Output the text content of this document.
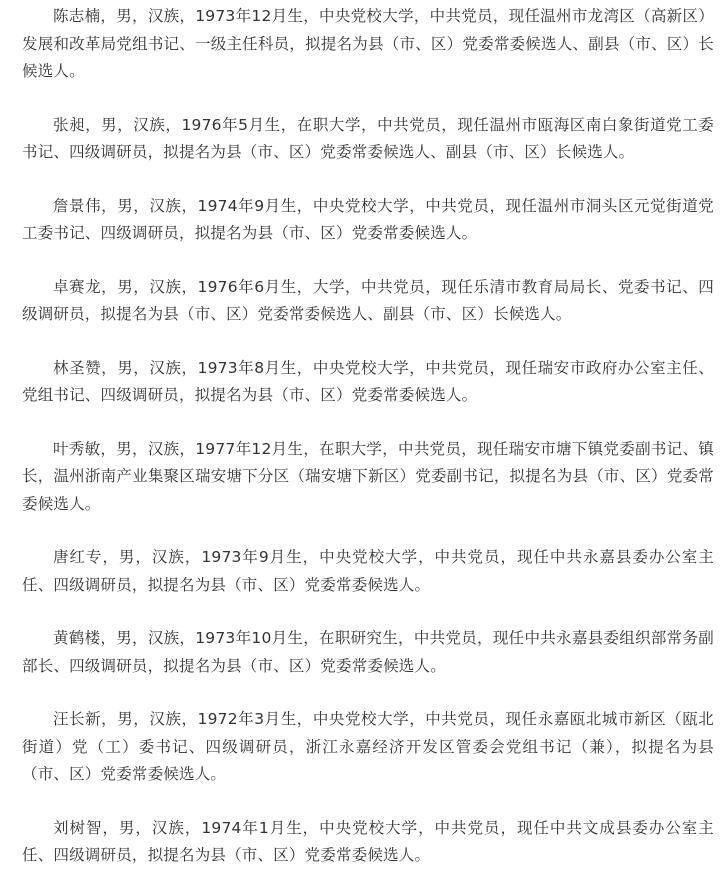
陈志楠，男，汉族，1973年12月生，中央党校大学，中共党员，现任温州市龙湾区（高新区）发展和改革局党组书记、一级主任科员，拟提名为县（市、区）党委常委候选人、副县（市、区）长候选人。

张昶，男，汉族，1976年5月生，在职大学，中共党员，现任温州市瓯海区南白象街道党工委书记、四级调研员，拟提名为县（市、区）党委常委候选人、副县（市、区）长候选人。

詹景伟，男，汉族，1974年9月生，中央党校大学，中共党员，现任温州市洞头区元觉街道党工委书记、四级调研员，拟提名为县（市、区）党委常委候选人。

卓赛龙，男，汉族，1976年6月生，大学，中共党员，现任乐清市教育局局长、党委书记、四级调研员，拟提名为县（市、区）党委常委候选人、副县（市、区）长候选人。

林圣赞，男，汉族，1973年8月生，中央党校大学，中共党员，现任瑞安市政府办公室主任、党组书记、四级调研员，拟提名为县（市、区）党委常委候选人。

叶秀敏，男，汉族，1977年12月生，在职大学，中共党员，现任瑞安市塘下镇党委副书记、镇长，温州浙南产业集聚区瑞安塘下分区（瑞安塘下新区）党委副书记，拟提名为县（市、区）党委常委候选人。

唐红专，男，汉族，1973年9月生，中央党校大学，中共党员，现任中共永嘉县委办公室主任、四级调研员，拟提名为县（市、区）党委常委候选人。

黄鹤楼，男，汉族，1973年10月生，在职研究生，中共党员，现任中共永嘉县委组织部常务副部长、四级调研员，拟提名为县（市、区）党委常委候选人。

汪长新，男，汉族，1972年3月生，中央党校大学，中共党员，现任永嘉瓯北城市新区（瓯北街道）党（工）委书记、四级调研员，浙江永嘉经济开发区管委会党组书记（兼），拟提名为县（市、区）党委常委候选人。

刘树智，男，汉族，1974年1月生，中央党校大学，中共党员，现任中共文成县委办公室主任、四级调研员，拟提名为县（市、区）党委常委候选人。
